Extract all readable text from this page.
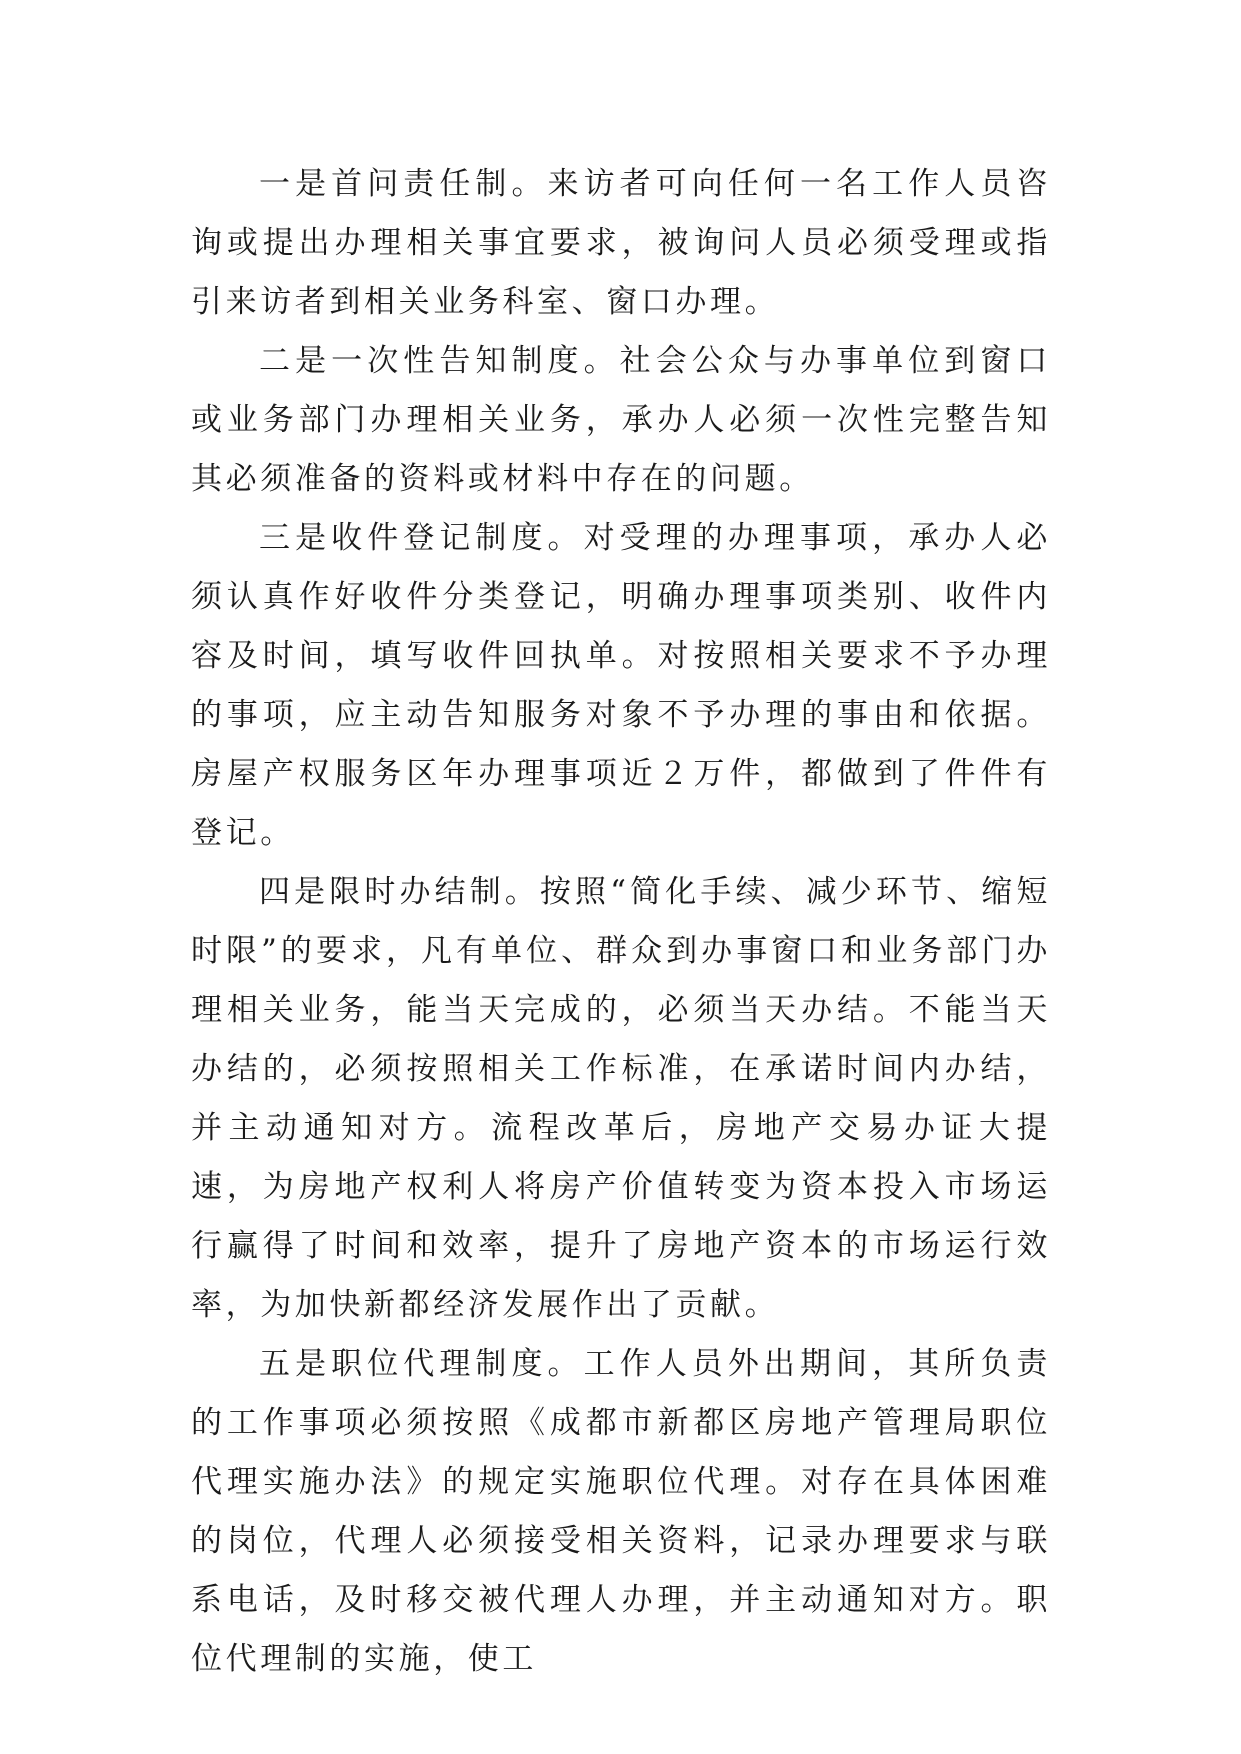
一是首问责任制。来访者可向任何一名工作人员咨询或提出办理相关事宜要求，被询问人员必须受理或指引来访者到相关业务科室、窗口办理。

二是一次性告知制度。社会公众与办事单位到窗口或业务部门办理相关业务，承办人必须一次性完整告知其必须准备的资料或材料中存在的问题。

三是收件登记制度。对受理的办理事项，承办人必须认真作好收件分类登记，明确办理事项类别、收件内容及时间，填写收件回执单。对按照相关要求不予办理的事项，应主动告知服务对象不予办理的事由和依据。房屋产权服务区年办理事项近２万件，都做到了件件有登记。

四是限时办结制。按照“简化手续、减少环节、缩短时限”的要求，凡有单位、群众到办事窗口和业务部门办理相关业务，能当天完成的，必须当天办结。不能当天办结的，必须按照相关工作标准，在承诺时间内办结，并主动通知对方。流程改革后，房地产交易办证大提速，为房地产权利人将房产价值转变为资本投入市场运行赢得了时间和效率，提升了房地产资本的市场运行效率，为加快新都经济发展作出了贡献。

五是职位代理制度。工作人员外出期间，其所负责的工作事项必须按照《成都市新都区房地产管理局职位代理实施办法》的规定实施职位代理。对存在具体困难的岗位，代理人必须接受相关资料，记录办理要求与联系电话，及时移交被代理人办理，并主动通知对方。职位代理制的实施，使工
